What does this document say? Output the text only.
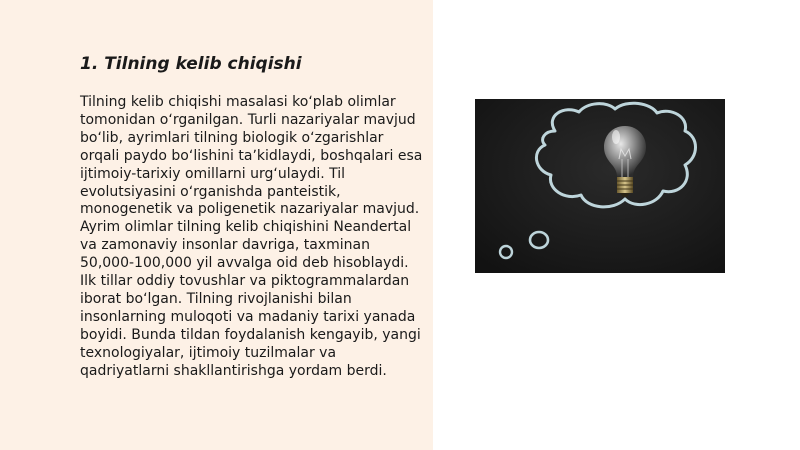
1. Tilning kelib chiqishi

Tilning kelib chiqishi masalasi koʻplab olimlar tomonidan oʻrganilgan. Turli nazariyalar mavjud boʻlib, ayrimlari tilning biologik oʻzgarishlar orqali paydo boʻlishini taʼkidlaydi, boshqalari esa ijtimoiy-tarixiy omillarni urgʻulaydi. Til evolutsiyasini oʻrganishda panteistik, monogenetik va poligenetik nazariyalar mavjud. Ayrim olimlar tilning kelib chiqishini Neandertal va zamonaviy insonlar davriga, taxminan 50,000-100,000 yil avvalga oid deb hisoblaydi. Ilk tillar oddiy tovushlar va piktogrammalardan iborat boʻlgan. Tilning rivojlanishi bilan insonlarning muloqoti va madaniy tarixi yanada boyidi. Bunda tildan foydalanish kengayib, yangi texnologiyalar, ijtimoiy tuzilmalar va qadriyatlarni shakllantirishga yordam berdi.
